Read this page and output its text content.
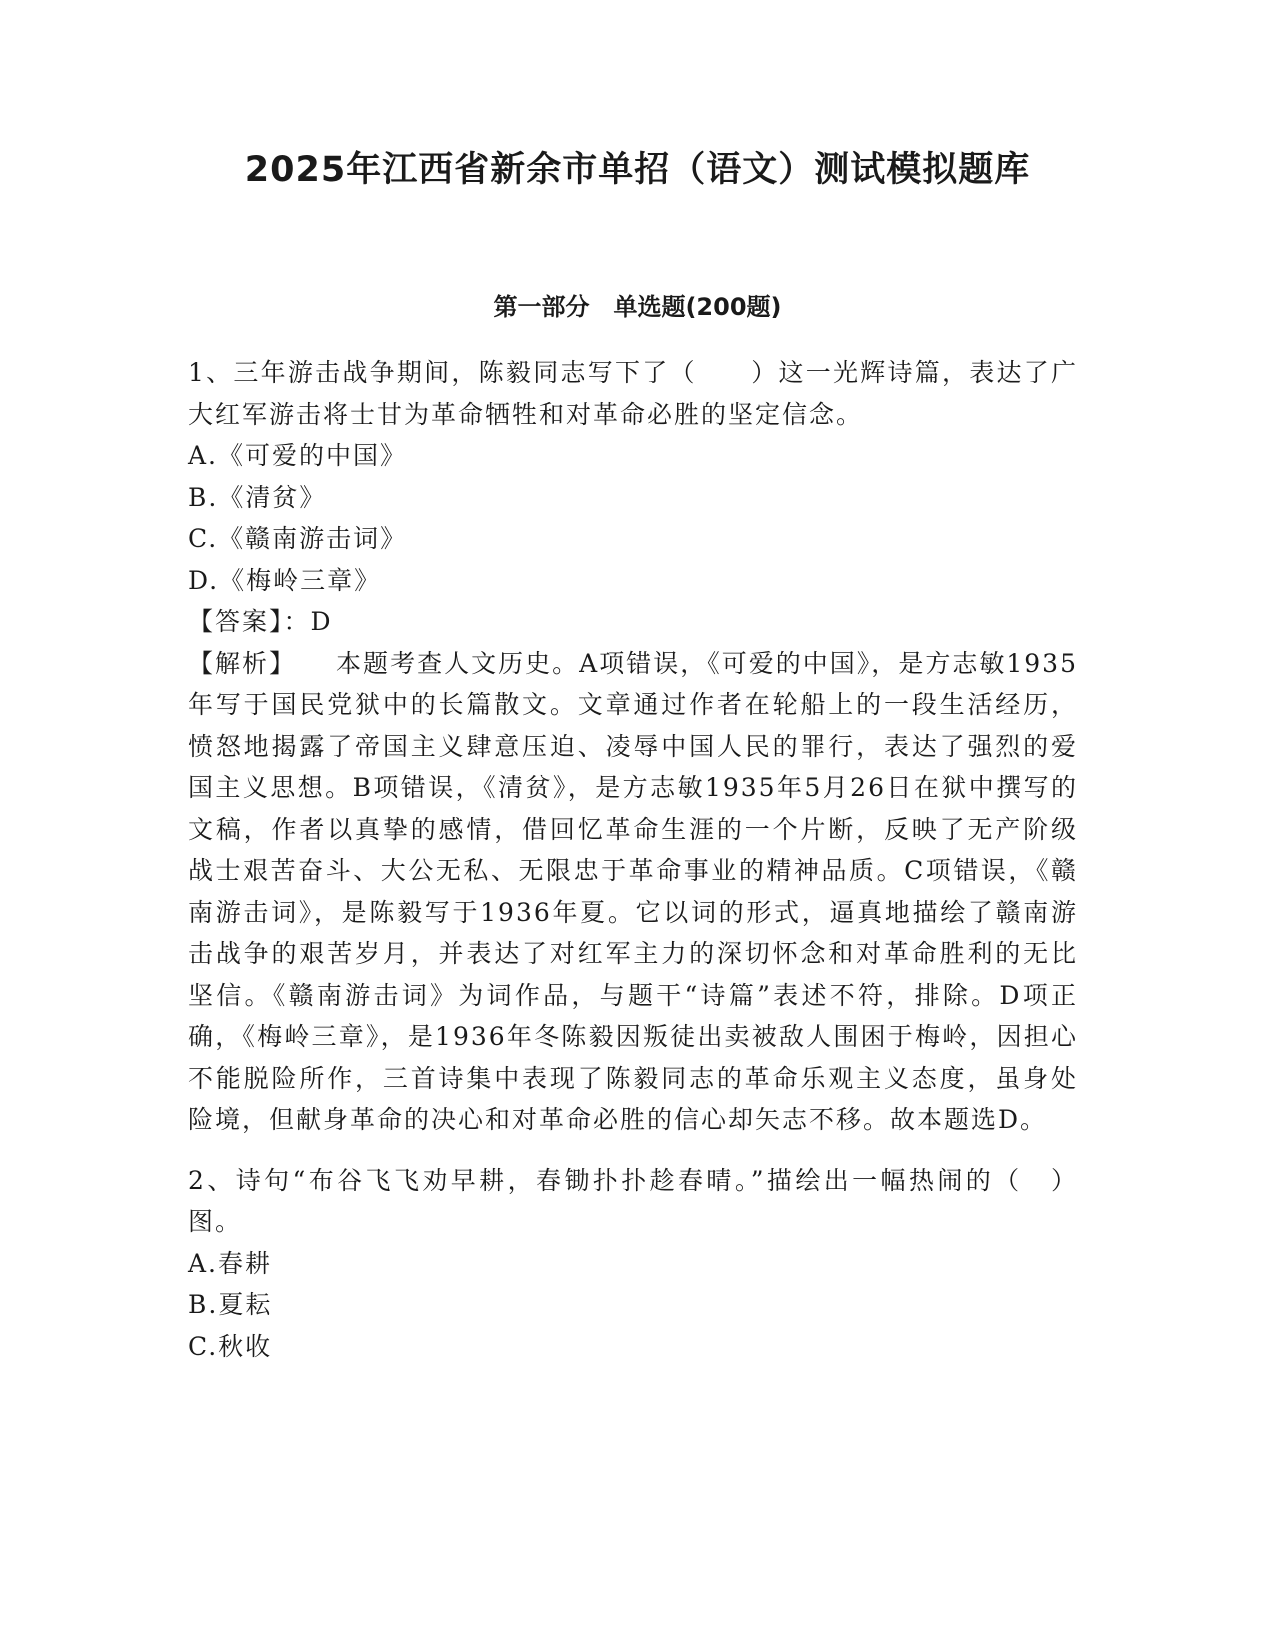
2025年江西省新余市单招（语文）测试模拟题库
第一部分　单选题(200题)

1、三年游击战争期间，陈毅同志写下了（　　）这一光辉诗篇，表达了广大红军游击将士甘为革命牺牲和对革命必胜的坚定信念。

A.《可爱的中国》

B.《清贫》

C.《赣南游击词》

D.《梅岭三章》

【答案】：D

【解析】 本题考查人文历史。A项错误，《可爱的中国》，是方志敏1935年写于国民党狱中的长篇散文。文章通过作者在轮船上的一段生活经历，愤怒地揭露了帝国主义肆意压迫、凌辱中国人民的罪行，表达了强烈的爱国主义思想。B项错误，《清贫》，是方志敏1935年5月26日在狱中撰写的文稿，作者以真挚的感情，借回忆革命生涯的一个片断，反映了无产阶级战士艰苦奋斗、大公无私、无限忠于革命事业的精神品质。C项错误，《赣南游击词》，是陈毅写于1936年夏。它以词的形式，逼真地描绘了赣南游击战争的艰苦岁月，并表达了对红军主力的深切怀念和对革命胜利的无比坚信。《赣南游击词》为词作品，与题干“诗篇”表述不符，排除。D项正确，《梅岭三章》，是1936年冬陈毅因叛徒出卖被敌人围困于梅岭，因担心不能脱险所作，三首诗集中表现了陈毅同志的革命乐观主义态度，虽身处险境，但献身革命的决心和对革命必胜的信心却矢志不移。故本题选D。

2、诗句“布谷飞飞劝早耕，春锄扑扑趁春晴。”描绘出一幅热闹的（　）图。

A.春耕

B.夏耘

C.秋收
